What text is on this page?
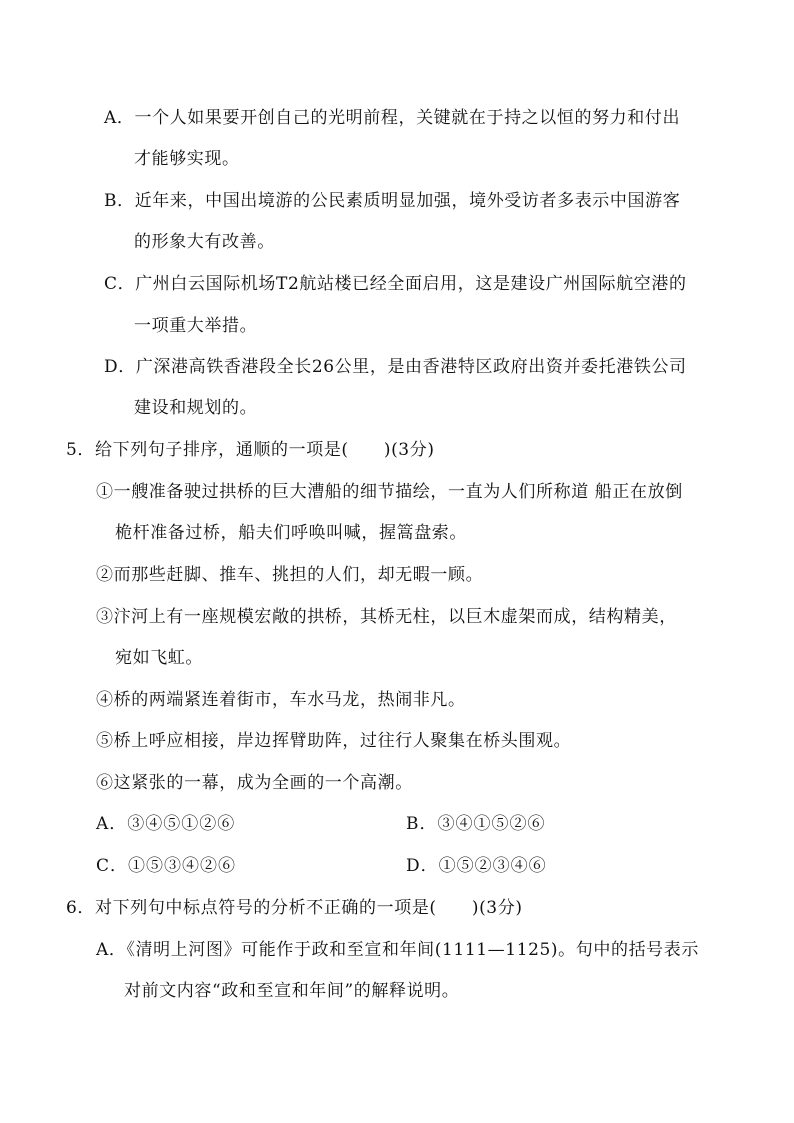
A．一个人如果要开创自己的光明前程，关键就在于持之以恒的努力和付出
才能够实现。
B．近年来，中国出境游的公民素质明显加强，境外受访者多表示中国游客
的形象大有改善。
C．广州白云国际机场T2航站楼已经全面启用，这是建设广州国际航空港的
一项重大举措。
D．广深港高铁香港段全长26公里，是由香港特区政府出资并委托港铁公司
建设和规划的。
5．给下列句子排序，通顺的一项是(　　)(3分)
①一艘准备驶过拱桥的巨大漕船的细节描绘，一直为人们所称道 船正在放倒
桅杆准备过桥，船夫们呼唤叫喊，握篙盘索。
②而那些赶脚、推车、挑担的人们，却无暇一顾。
③汴河上有一座规模宏敞的拱桥，其桥无柱，以巨木虚架而成，结构精美，
宛如飞虹。
④桥的两端紧连着街市，车水马龙，热闹非凡。
⑤桥上呼应相接，岸边挥臂助阵，过往行人聚集在桥头围观。
⑥这紧张的一幕，成为全画的一个高潮。
A．③④⑤①②⑥	B．③④①⑤②⑥
C．①⑤③④②⑥	D．①⑤②③④⑥
6．对下列句中标点符号的分析不正确的一项是(　　)(3分)
A．《清明上河图》可能作于政和至宣和年间(1111—1125)。句中的括号表示
对前文内容“政和至宣和年间”的解释说明。
